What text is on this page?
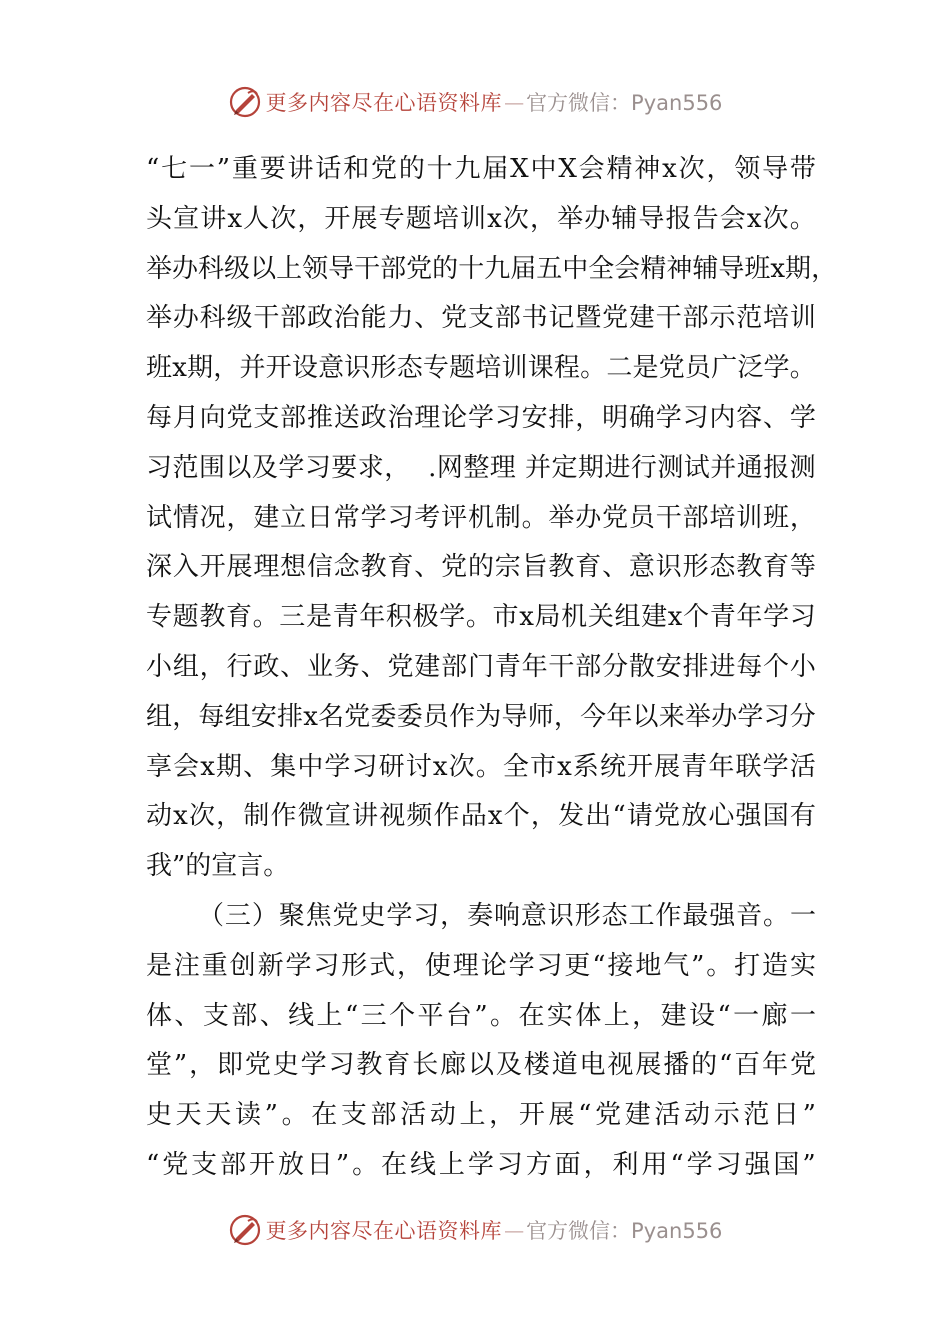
更多内容尽在心语资料库 — 官方微信：Pyan556
“ 七 一 ” 重 要 讲 话 和 党 的 十 九 届 X 中 X 会 精 神 x 次 ， 领 导 带
头 宣 讲 x 人 次 ， 开 展 专 题 培 训 x 次 ， 举 办 辅 导 报 告 会 x 次 。
举 办 科 级 以 上 领 导 干 部 党 的 十 九 届 五 中 全 会 精 神 辅 导 班 x 期 ，
举 办 科 级 干 部 政 治 能 力 、 党 支 部 书 记 暨 党 建 干 部 示 范 培 训
班 x 期 ， 并 开 设 意 识 形 态 专 题 培 训 课 程 。 二 是 党 员 广 泛 学 。
每 月 向 党 支 部 推 送 政 治 理 论 学 习 安 排 ， 明 确 学 习 内 容 、 学
习 范 围 以 及 学 习 要 求 ，

. 网 整 理
并 定 期 进 行 测 试 并 通 报 测
试 情 况 ， 建 立 日 常 学 习 考 评 机 制 。 举 办 党 员 干 部 培 训 班 ，
深 入 开 展 理 想 信 念 教 育 、 党 的 宗 旨 教 育 、 意 识 形 态 教 育 等
专 题 教 育 。 三 是 青 年 积 极 学 。 市 x 局 机 关 组 建 x 个 青 年 学 习
小 组 ， 行 政 、 业 务 、 党 建 部 门 青 年 干 部 分 散 安 排 进 每 个 小
组 ， 每 组 安 排 x 名 党 委 委 员 作 为 导 师 ， 今 年 以 来 举 办 学 习 分
享 会 x 期 、 集 中 学 习 研 讨 x 次 。 全 市 x 系 统 开 展 青 年 联 学 活
动 x 次 ， 制 作 微 宣 讲 视 频 作 品 x 个 ， 发 出 “ 请 党 放 心 强 国 有
我”的宣言。
（ 三 ） 聚 焦 党 史 学 习 ， 奏 响 意 识 形 态 工 作 最 强 音 。 一
是 注 重 创 新 学 习 形 式 ， 使 理 论 学 习 更 “ 接 地 气 ” 。 打 造 实
体 、 支 部 、 线 上 “ 三 个 平 台 ” 。 在 实 体 上 ， 建 设 “ 一 廊 一
堂 ” ， 即 党 史 学 习 教 育 长 廊 以 及 楼 道 电 视 展 播 的 “ 百 年 党
史 天 天 读 ” 。 在 支 部 活 动 上 ， 开 展 “ 党 建 活 动 示 范 日 ”
“ 党 支 部 开 放 日 ” 。 在 线 上 学 习 方 面 ， 利 用 “ 学 习 强 国 ”
更多内容尽在心语资料库 — 官方微信：Pyan556
